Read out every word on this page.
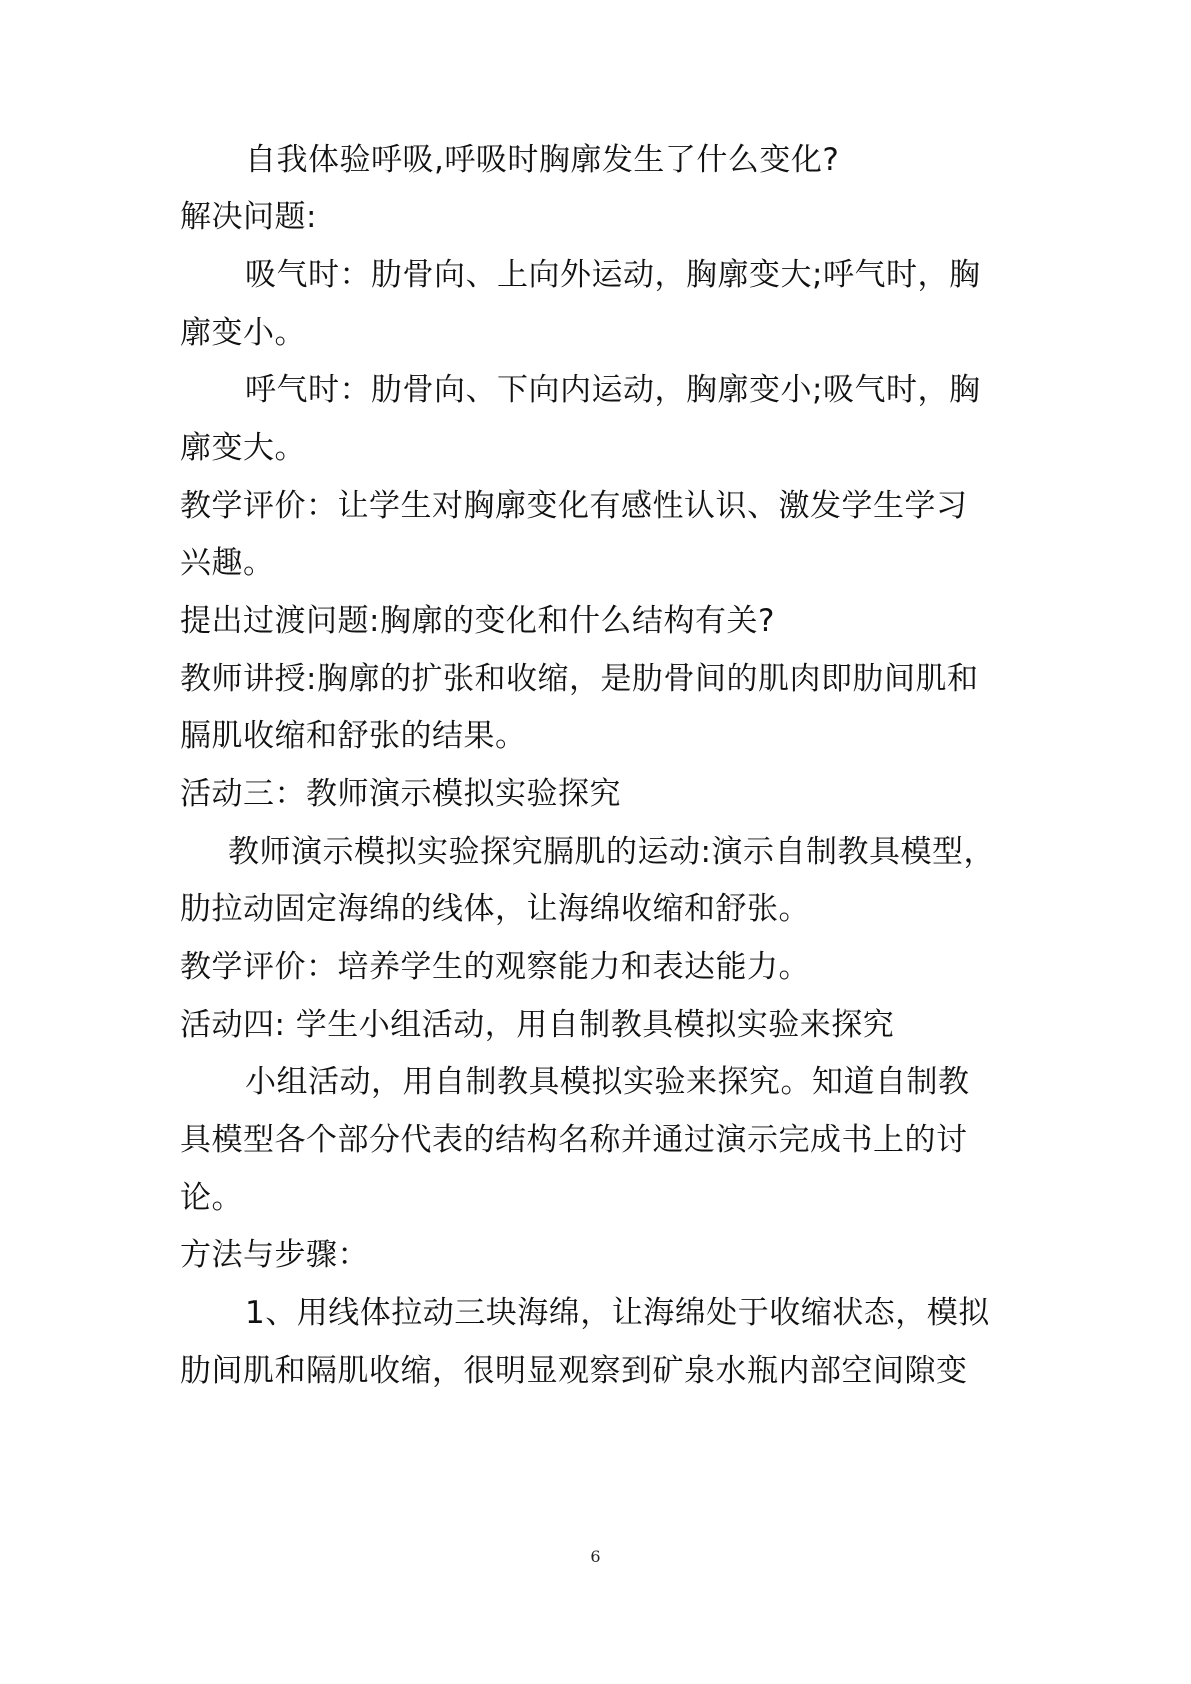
自我体验呼吸,呼吸时胸廓发生了什么变化?
解决问题:
吸气时：肋骨向、上向外运动，胸廓变大;呼气时，胸
廓变小。
呼气时：肋骨向、下向内运动，胸廓变小;吸气时，胸
廓变大。
教学评价：让学生对胸廓变化有感性认识、激发学生学习
兴趣。
提出过渡问题:胸廓的变化和什么结构有关?
教师讲授:胸廓的扩张和收缩，是肋骨间的肌肉即肋间肌和
膈肌收缩和舒张的结果。
活动三：教师演示模拟实验探究
教师演示模拟实验探究膈肌的运动:演示自制教具模型，
肋拉动固定海绵的线体，让海绵收缩和舒张。
教学评价：培养学生的观察能力和表达能力。
活动四: 学生小组活动，用自制教具模拟实验来探究
小组活动，用自制教具模拟实验来探究。知道自制教
具模型各个部分代表的结构名称并通过演示完成书上的讨
论。
方法与步骤：
1、用线体拉动三块海绵，让海绵处于收缩状态，模拟
肋间肌和隔肌收缩，很明显观察到矿泉水瓶内部空间隙变
6
